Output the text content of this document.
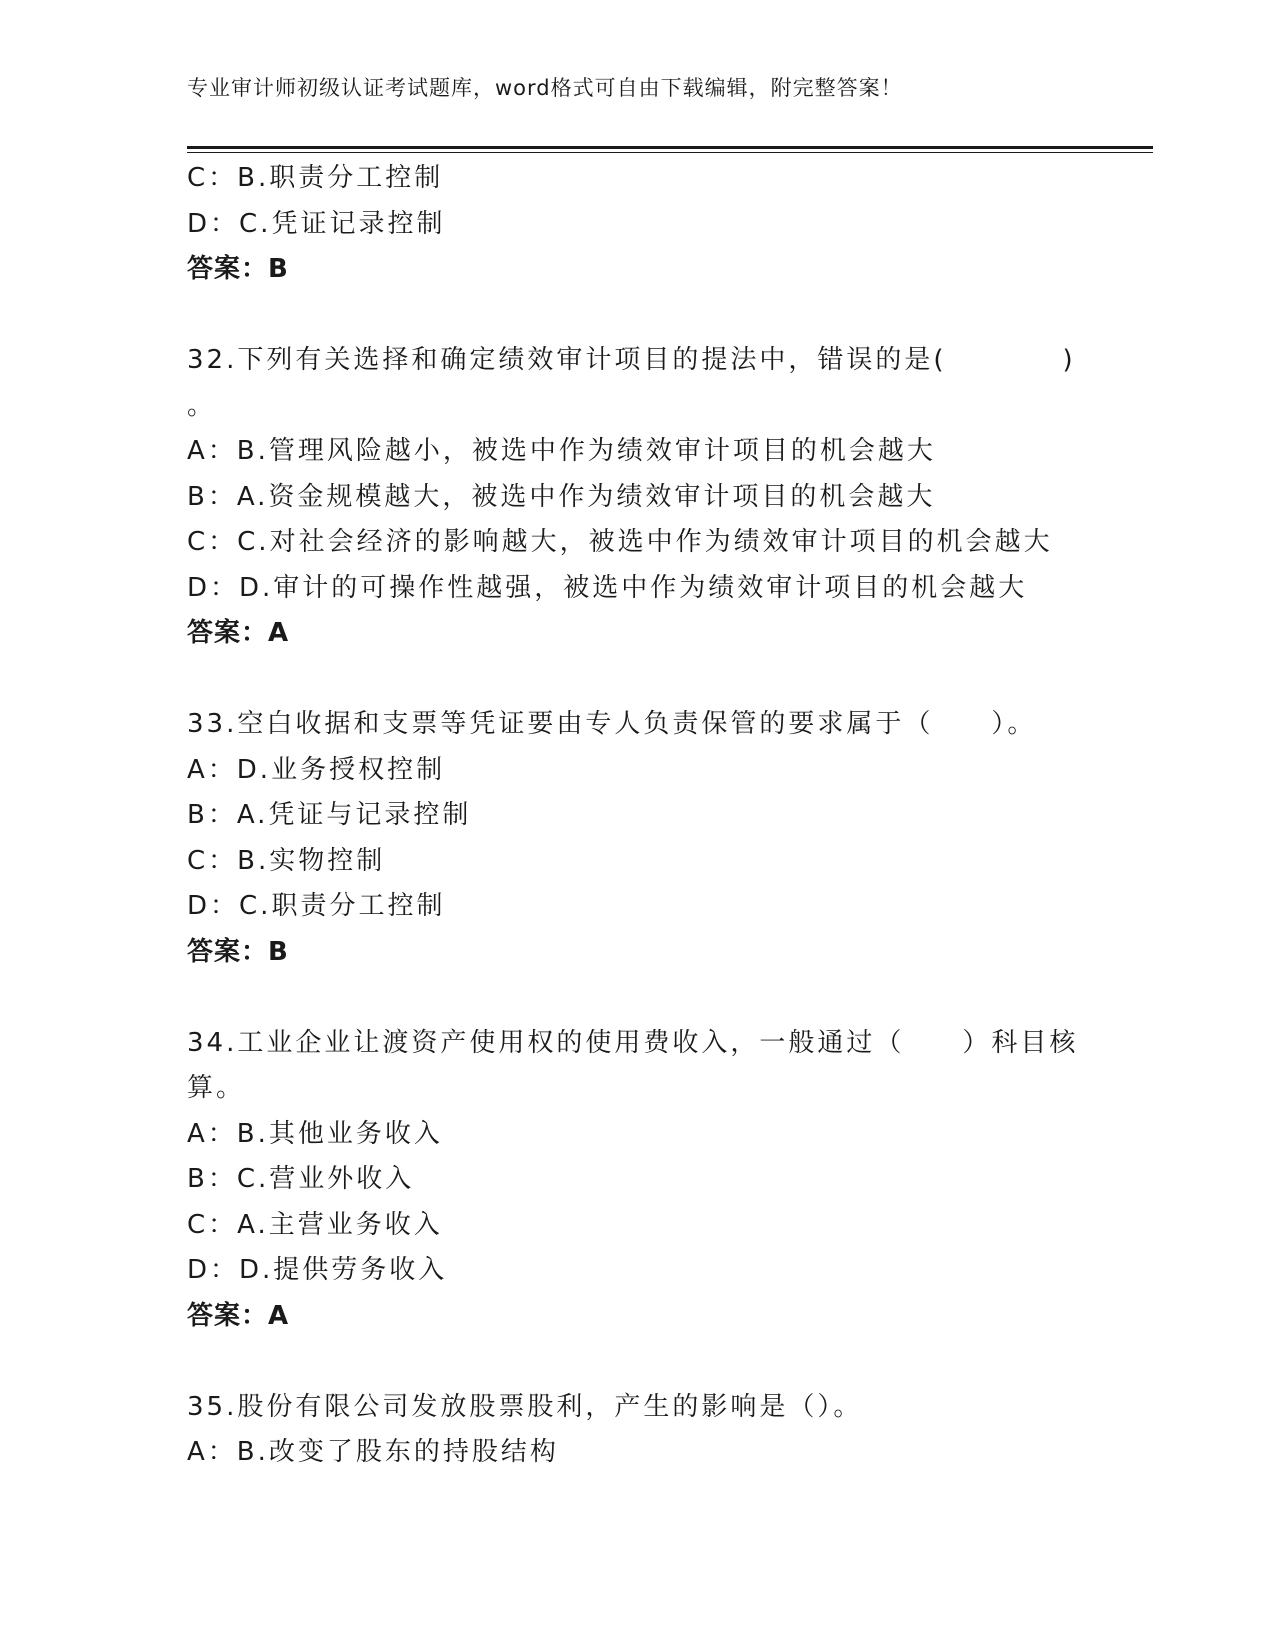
专业审计师初级认证考试题库，word格式可自由下载编辑，附完整答案！
C：B.职责分工控制
D：C.凭证记录控制
答案：B
32.下列有关选择和确定绩效审计项目的提法中，错误的是(　　　　)
。
A：B.管理风险越小，被选中作为绩效审计项目的机会越大
B：A.资金规模越大，被选中作为绩效审计项目的机会越大
C：C.对社会经济的影响越大，被选中作为绩效审计项目的机会越大
D：D.审计的可操作性越强，被选中作为绩效审计项目的机会越大
答案：A
33.空白收据和支票等凭证要由专人负责保管的要求属于（　　）。
A：D.业务授权控制
B：A.凭证与记录控制
C：B.实物控制
D：C.职责分工控制
答案：B
34.工业企业让渡资产使用权的使用费收入，一般通过（　　）科目核
算。
A：B.其他业务收入
B：C.营业外收入
C：A.主营业务收入
D：D.提供劳务收入
答案：A
35.股份有限公司发放股票股利，产生的影响是（）。
A：B.改变了股东的持股结构
